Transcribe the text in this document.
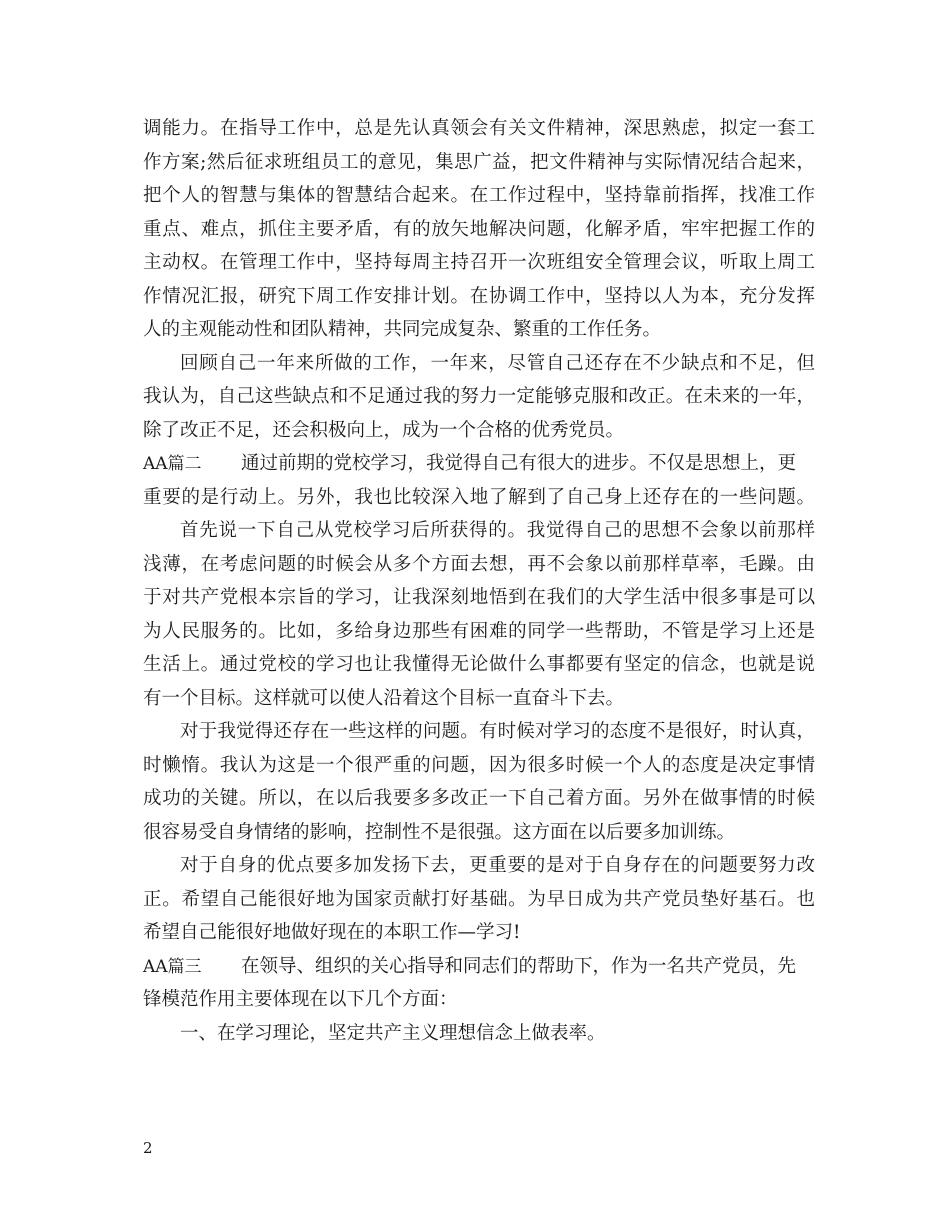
调能力。在指导工作中，总是先认真领会有关文件精神，深思熟虑，拟定一套工
作方案;然后征求班组员工的意见，集思广益，把文件精神与实际情况结合起来，
把个人的智慧与集体的智慧结合起来。在工作过程中，坚持靠前指挥，找准工作
重点、难点，抓住主要矛盾，有的放矢地解决问题，化解矛盾，牢牢把握工作的
主动权。在管理工作中，坚持每周主持召开一次班组安全管理会议，听取上周工
作情况汇报，研究下周工作安排计划。在协调工作中，坚持以人为本，充分发挥
人的主观能动性和团队精神，共同完成复杂、繁重的工作任务。
回顾自己一年来所做的工作，一年来，尽管自己还存在不少缺点和不足，但
我认为，自己这些缺点和不足通过我的努力一定能够克服和改正。在未来的一年，
除了改正不足，还会积极向上，成为一个合格的优秀党员。
AA篇二 通过前期的党校学习，我觉得自己有很大的进步。不仅是思想上，更
重要的是行动上。另外，我也比较深入地了解到了自己身上还存在的一些问题。
首先说一下自己从党校学习后所获得的。我觉得自己的思想不会象以前那样
浅薄，在考虑问题的时候会从多个方面去想，再不会象以前那样草率，毛躁。由
于对共产党根本宗旨的学习，让我深刻地悟到在我们的大学生活中很多事是可以
为人民服务的。比如，多给身边那些有困难的同学一些帮助，不管是学习上还是
生活上。通过党校的学习也让我懂得无论做什么事都要有坚定的信念，也就是说
有一个目标。这样就可以使人沿着这个目标一直奋斗下去。
对于我觉得还存在一些这样的问题。有时候对学习的态度不是很好，时认真，
时懒惰。我认为这是一个很严重的问题，因为很多时候一个人的态度是决定事情
成功的关键。所以，在以后我要多多改正一下自己着方面。另外在做事情的时候
很容易受自身情绪的影响，控制性不是很强。这方面在以后要多加训练。
对于自身的优点要多加发扬下去，更重要的是对于自身存在的问题要努力改
正。希望自己能很好地为国家贡献打好基础。为早日成为共产党员垫好基石。也
希望自己能很好地做好现在的本职工作—学习!
AA篇三 在领导、组织的关心指导和同志们的帮助下，作为一名共产党员，先
锋模范作用主要体现在以下几个方面：
一、在学习理论，坚定共产主义理想信念上做表率。
2
